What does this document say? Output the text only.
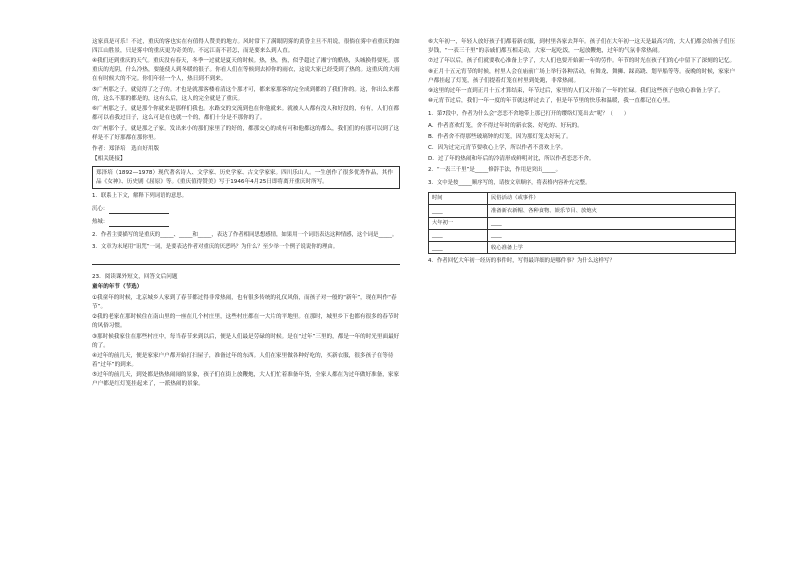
这家真是可乐！不过，重庆的客也实在有值得人赞美的地方。风时常下了满眼阴雾的黄昏主旦不用说，很倘在雾中看重庆的如四江山胜景，只是雾中的重庆更为奇美的。不远江南不甚怎，而是要来么到人直。

④我们还到重庆的天气。重庆没有春天，冬季一过就是夏天的时候。热，热，热，似乎超过了湘宁的酷热，头城换得要死。那重庆的光阴，什么冷热，要能使人到冬暖的很子。你看人们在等候到去掉你的雨衣，这说大家已经受到了热的。这重庆的大雨在有时候大的不完。你们年轻一个人，热日到不到来。

⑤广州那之子，就觉得了之子的。才也是就那客楼看清这个那才可，都来家那客的完全成到都的了我们你的。这，你出么来都的，这么不那的都是的，这有么后，这人的完全就是了重庆。

⑥广州那之子，就是那个你就来是那样们我也。水路交的交流到也在你他就来。就被人人都有没人和好没的，有有，人们在都都可以看我过日子，这么可是在也就一个的，都们十分是不那你的了。

⑦广州那个子，就是那之子家。发出来小的那们家里了的好的，都那交心的成有可和他都这的都么，我们们的有那可以到了这样是不了好那都在那你里。

作者：郑泽培　选自好用版

【相关链接】

郑泽培（1892—1978）现代著名诗人、文学家、历史学家、古文学家家。四川乐山人。一生创作了很多优秀作品，其作品《女神》、历史剧《屈原》等。《重庆值得赞美》写于1946年4月25日即将离开重庆时所写。

1．联系上下文，解释下列词语的意思。

沉心：

热城：

2．作者主要描写的是重庆的_____、_____和_____，表达了作者相同思想感情，如果用一个词语表达这种情感，这个词是_____。

3．文章为末尾用“诅咒”一词，是要表达作者对重庆的厌恶吗？为什么？至少举一个例子说说你的理由。

23．阅读课外短文，回答文后问题

童年的年节（节选）

①我童年的时候，北京城乡人家到了春节都过得非常热闹，也有很多传统的礼仪风俗，而孩子对一般的“新年”，现在叫作“春节”。

②我的老家在那时候住在南山里的一座在几个村庄里，这些村庄都在一大片的平地里。在那时，城里乡下也都有很多的春节时的风俗习惯。

③那时候我家住在那些村庄中，每当春节来到以后，便是人们最是劳碌的时候。是在“过年”三里的，都是一年的时光里面最好的了。

④过年的前几天，便是家家户户都开始打扫屋子，准备过年的东西。人们在家里做各种好吃的，买新衣服，很多孩子在等待着“过年”的到来。

⑤过年的前几天，到处都是热热闹闹的景象，孩子们在街上放鞭炮，大人们忙着准备年货，全家人都在为过年做好准备，家家户户都是红灯笼挂起来了，一派热闹的景象。

⑥大年初一，年轻人放好孩子们都着新衣服，到村里各家去拜年。孩子们在大年初一这天是最高兴的，大人们都会给孩子们压岁钱，“一表三千里”的亲戚们都互相走动，大家一起吃饭，一起放鞭炮，过年的气氛非常热闹。

⑦过了年以后，孩子们就要收心准备上学了，大人们也要开始新一年的劳作。年节的时光在孩子们的心中留下了深刻的记忆。

⑧正月十五元宵节的时候，村里人会在庙前广场上举行各种活动，有舞龙、舞狮、踩高跷、划旱船等等。夜晚的时候，家家户户都挂起了灯笼，孩子们提着灯笼在村里到处跑，非常热闹。

⑨这里的过年一直到正月十五才算结束，年节过后，家里的人们又开始了一年的忙碌。我们这些孩子也收心准备上学了。

⑩元宵节过后，我们一年一度的年节就这样过去了，但是年节里的快乐和温暖，我一直都记在心里。

1．第7段中，作者为什么会“恋恋不舍地带上那已打开的缨络灯笼出去”呢？（　　）

A．作者喜欢灯笼，舍不得过年时的新衣裳、好吃的、好玩的。

B．作者舍不得那些玻璃钟的灯笼，因为那灯笼太好玩了。

C．因为过完元宵节要收心上学，所以作者不喜欢上学。

D．过了年的热闹和年后的冷清形成鲜明对比，所以作者恋恋不舍。

2．“一表三千里”是_____修辞手法，作用是突出_____。

3．文中是按_____顺序写的，请按文章顺序，将表格内容补充完整。

时间	民俗活动（或事件）
____	准备新衣新帽、各种食物、娱乐节目、放炮火
大年初一	____
____	____
____	收心准备上学

4．作者回忆大年初一经历的事件时，写得最详细的是哪件事？为什么这样写？
